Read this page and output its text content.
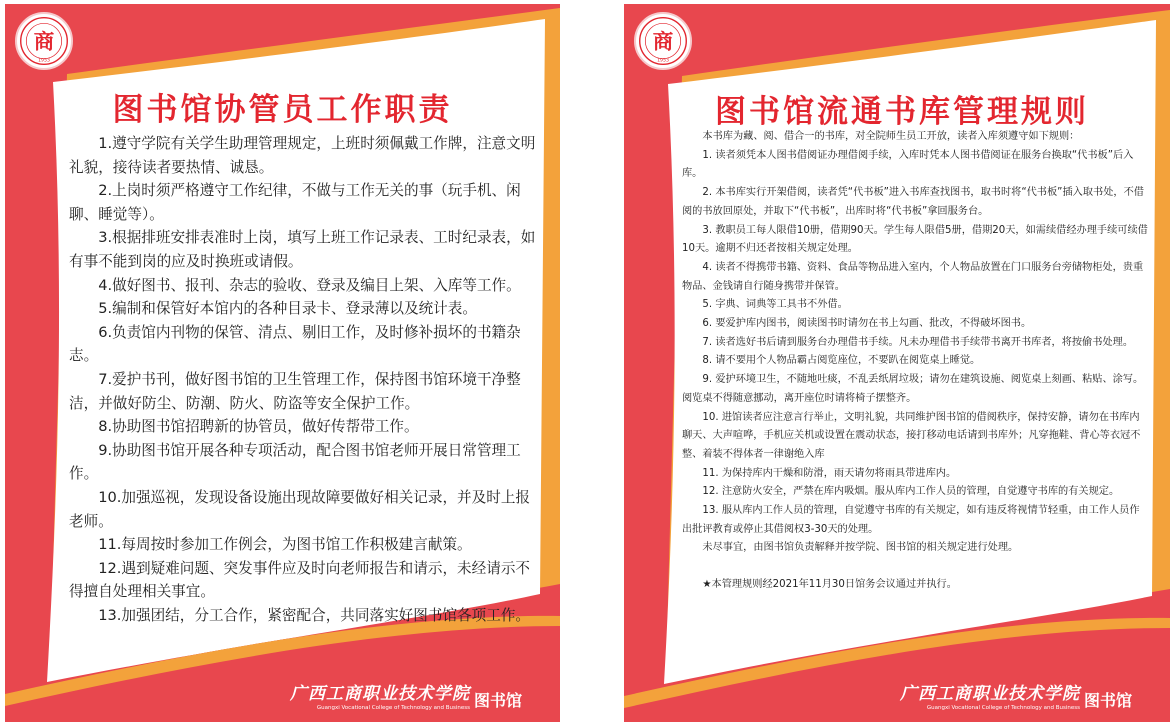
商
1953
图书馆协管员工作职责

1.遵守学院有关学生助理管理规定，上班时须佩戴工作牌，注意文明礼貌，接待读者要热情、诚恳。

2.上岗时须严格遵守工作纪律，不做与工作无关的事（玩手机、闲聊、睡觉等）。

3.根据排班安排表准时上岗，填写上班工作记录表、工时纪录表，如有事不能到岗的应及时换班或请假。

4.做好图书、报刊、杂志的验收、登录及编目上架、入库等工作。

5.编制和保管好本馆内的各种目录卡、登录薄以及统计表。

6.负责馆内刊物的保管、清点、剔旧工作，及时修补损坏的书籍杂志。

7.爱护书刊，做好图书馆的卫生管理工作，保持图书馆环境干净整洁，并做好防尘、防潮、防火、防盗等安全保护工作。

8.协助图书馆招聘新的协管员，做好传帮带工作。

9.协助图书馆开展各种专项活动，配合图书馆老师开展日常管理工作。

10.加强巡视，发现设备设施出现故障要做好相关记录，并及时上报老师。

11.每周按时参加工作例会，为图书馆工作积极建言献策。

12.遇到疑难问题、突发事件应及时向老师报告和请示，未经请示不得擅自处理相关事宜。

13.加强团结，分工合作，紧密配合，共同落实好图书馆各项工作。

广西工商职业技术学院
Guangxi Vocational College of Technology and Business 图书馆
商
1953
图书馆流通书库管理规则

本书库为藏、阅、借合一的书库，对全院师生员工开放，读者入库须遵守如下规则：

1. 读者须凭本人图书借阅证办理借阅手续，入库时凭本人图书借阅证在服务台换取“代书板”后入库。

2. 本书库实行开架借阅，读者凭“代书板”进入书库查找图书，取书时将“代书板”插入取书处，不借阅的书放回原处，并取下“代书板”，出库时将“代书板”拿回服务台。

3. 教职员工每人限借10册，借期90天。学生每人限借5册，借期20天，如需续借经办理手续可续借10天。逾期不归还者按相关规定处理。

4. 读者不得携带书籍、资料、食品等物品进入室内，个人物品放置在门口服务台旁储物柜处，贵重物品、金钱请自行随身携带并保管。

5. 字典、词典等工具书不外借。

6. 要爱护库内图书，阅读图书时请勿在书上勾画、批改，不得破坏图书。

7. 读者选好书后请到服务台办理借书手续。凡未办理借书手续带书离开书库者，将按偷书处理。

8. 请不要用个人物品霸占阅览座位，不要趴在阅览桌上睡觉。

9. 爱护环境卫生，不随地吐痰，不乱丢纸屑垃圾；请勿在建筑设施、阅览桌上刻画、粘贴、涂写。阅览桌不得随意挪动，离开座位时请将椅子摆整齐。

10. 进馆读者应注意言行举止，文明礼貌，共同维护图书馆的借阅秩序，保持安静，请勿在书库内聊天、大声喧哗，手机应关机或设置在震动状态，接打移动电话请到书库外；凡穿拖鞋、背心等衣冠不整、着装不得体者一律谢绝入库

11. 为保持库内干燥和防滑，雨天请勿将雨具带进库内。

12. 注意防火安全，严禁在库内吸烟。服从库内工作人员的管理，自觉遵守书库的有关规定。

13. 服从库内工作人员的管理，自觉遵守书库的有关规定，如有违反将视情节轻重，由工作人员作出批评教育或停止其借阅权3-30天的处理。

未尽事宜，由图书馆负责解释并按学院、图书馆的相关规定进行处理。

★本管理规则经2021年11月30日馆务会议通过并执行。

广西工商职业技术学院
Guangxi Vocational College of Technology and Business 图书馆
